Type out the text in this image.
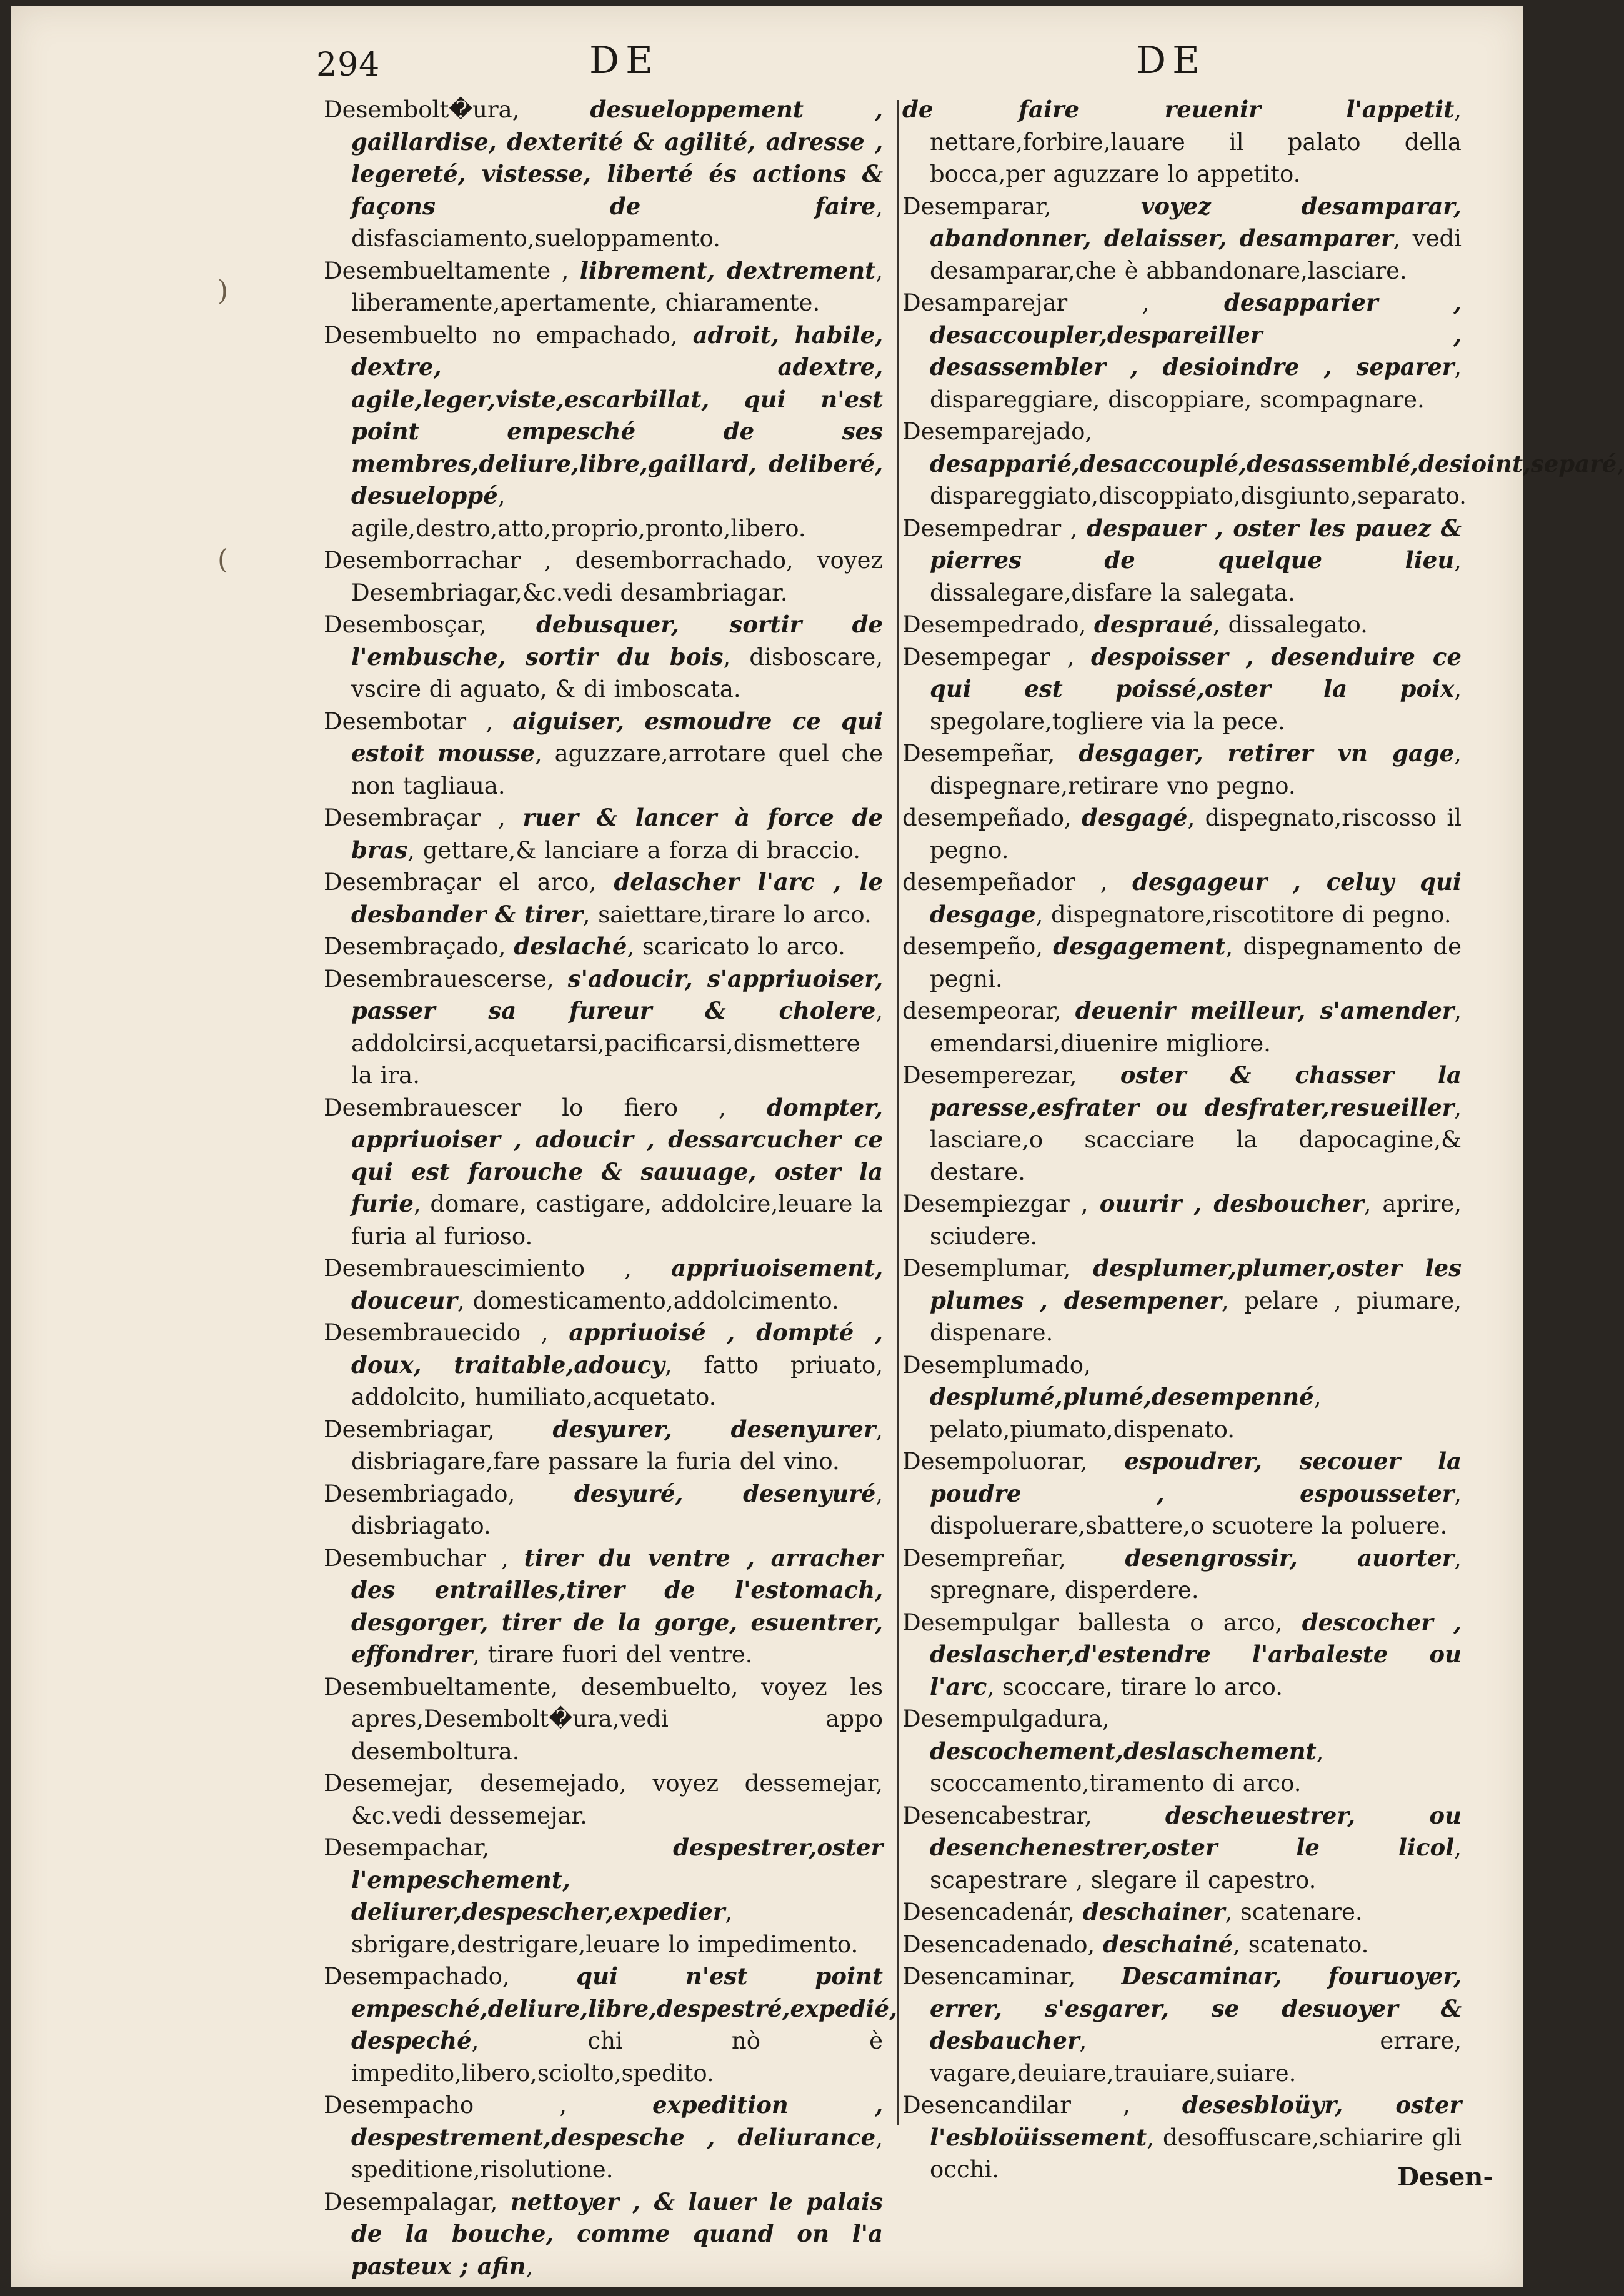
294	DE	DE
)
(
Desembolt�ura,	desueloppement , gaillardise, dexterité & agilité, adresse , legereté, vistesse, liberté és actions & façons de faire , disfasciamento,sueloppamento.
Desembueltamente , librement, dextrement , liberamente,apertamente, chiaramente.
Desembuelto no empachado, adroit, habile, dextre, adextre, agile,leger,viste,escarbillat, qui n'est point empesché de ses membres,deliure,libre,gaillard, deliberé, desueloppé , agile,destro,atto,proprio,pronto,libero.
Desemborrachar , desemborrachado, voyez Desembriagar,&c.vedi desambriagar.
Desembosçar, debusquer, sortir de l'embusche, sortir du bois , disboscare, vscire di aguato, & di imboscata.
Desembotar , aiguiser, esmoudre ce qui estoit mousse , aguzzare,arrotare quel che non tagliaua.
Desembraçar , ruer & lancer à force de bras , gettare,& lanciare a forza di braccio.
Desembraçar el arco, delascher l'arc , le desbander & tirer , saiettare,tirare lo arco.
Desembraçado, deslaché , scaricato lo arco.
Desembrauescerse, s'adoucir, s'appriuoiser, passer sa fureur & cholere , addolcirsi,acquetarsi,pacificarsi,dismettere la ira.
Desembrauescer lo fiero , dompter, appriuoiser , adoucir , dessarcucher ce qui est farouche & sauuage, oster la furie , domare, castigare, addolcire,leuare la furia al furioso.
Desembrauescimiento , appriuoisement, douceur , domesticamento,addolcimento.
Desembrauecido , appriuoisé , dompté , doux, traitable,adoucy , fatto priuato, addolcito, humiliato,acquetato.
Desembriagar,	desyurer, desenyurer , disbriagare,fare passare la furia del vino.
Desembriagado,	desyuré, desenyuré , disbriagato.
Desembuchar , tirer du ventre , arracher des entrailles,tirer de l'estomach, desgorger, tirer de la gorge, esuentrer, effondrer , tirare fuori del ventre.
Desembueltamente, desembuelto, voyez les apres,Desembolt�ura,vedi appo desemboltura.
Desemejar, desemejado, voyez dessemejar, &c.vedi dessemejar.
Desempachar,	despestrer,oster l'empeschement, deliurer,despescher,expedier , sbrigare,destrigare,leuare lo impedimento.
Desempachado,	qui n'est point empesché,deliure,libre,despestré,expedié, despeché ,	chi nò è impedito,libero,sciolto,spedito.
Desempacho ,	expedition , despestrement,despesche , deliurance , speditione,risolutione.
Desempalagar, nettoyer , & lauer le palais de la bouche, comme quand on l'a pasteux ; afin ,
de faire reuenir l'appetit , nettare,forbire,lauare il palato della bocca,per aguzzare lo appetito.
Desemparar,	voyez desamparar, abandonner, delaisser, desamparer , vedi desamparar,che è abbandonare,lasciare.
Desamparejar ,	desapparier , desaccoupler,despareiller , desassembler , desioindre , separer , dispareggiare, discoppiare, scompagnare.
Desemparejado, desapparié,desaccouplé,desassemblé,desioint,separé , dispareggiato,discoppiato,disgiunto,separato.
Desempedrar , despauer , oster les pauez & pierres de quelque lieu , dissalegare,disfare la salegata.
Desempedrado, despraué , dissalegato.
Desempegar , despoisser , desenduire ce qui est poissé,oster la poix , spegolare,togliere via la pece.
Desempeñar, desgager, retirer vn gage , dispegnare,retirare vno pegno.
desempeñado, desgagé , dispegnato,riscosso il pegno.
desempeñador , desgageur , celuy qui desgage , dispegnatore,riscotitore di pegno.
desempeño, desgagement , dispegnamento de pegni.
desempeorar, deuenir meilleur, s'amender , emendarsi,diuenire migliore.
Desemperezar, oster & chasser la paresse,esfrater ou desfrater,resueiller , lasciare,o scacciare la dapocagine,& destare.
Desempiezgar , ouurir , desboucher , aprire, sciudere.
Desemplumar, desplumer,plumer,oster les plumes , desempener , pelare , piumare, dispenare.
Desemplumado, desplumé,plumé,desempenné , pelato,piumato,dispenato.
Desempoluorar, espoudrer, secouer la poudre , espousseter , dispoluerare,sbattere,o scuotere la poluere.
Desempreñar,	desengrossir, auorter , spregnare, disperdere.
Desempulgar ballesta o arco, descocher , deslascher,d'estendre l'arbaleste ou l'arc , scoccare, tirare lo arco.
Desempulgadura, descochement,deslaschement , scoccamento,tiramento di arco.
Desencabestrar,	descheuestrer, ou desenchenestrer,oster le licol , scapestrare , slegare il capestro.
Desencadenár, deschainer , scatenare.
Desencadenado, deschainé , scatenato.
Desencaminar, Descaminar, fouruoyer, errer, s'esgarer, se desuoyer & desbaucher ,	errare, vagare,deuiare,trauiare,suiare.
Desencandilar , desesbloüyr, oster l'esbloüissement , desoffuscare,schiarire gli occhi.	Desen-
